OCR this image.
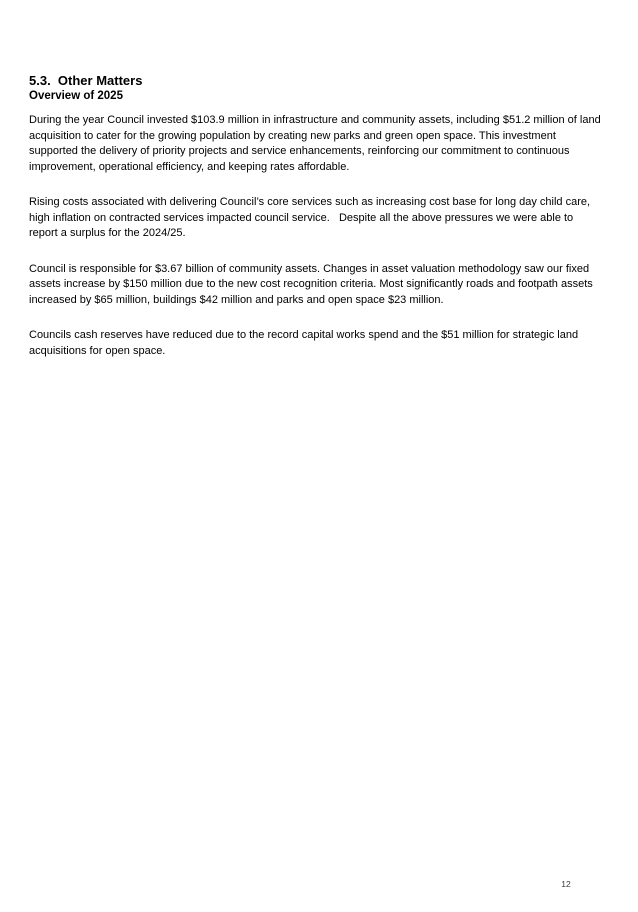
5.3.  Other Matters
Overview of 2025

During the year Council invested $103.9 million in infrastructure and community assets, including $51.2 million of land acquisition to cater for the growing population by creating new parks and green open space. This investment supported the delivery of priority projects and service enhancements, reinforcing our commitment to continuous improvement, operational efficiency, and keeping rates affordable.

Rising costs associated with delivering Council’s core services such as increasing cost base for long day child care, high inflation on contracted services impacted council service.   Despite all the above pressures we were able to report a surplus for the 2024/25.

Council is responsible for $3.67 billion of community assets. Changes in asset valuation methodology saw our fixed assets increase by $150 million due to the new cost recognition criteria. Most significantly roads and footpath assets increased by $65 million, buildings $42 million and parks and open space $23 million.

Councils cash reserves have reduced due to the record capital works spend and the $51 million for strategic land acquisitions for open space.

12
